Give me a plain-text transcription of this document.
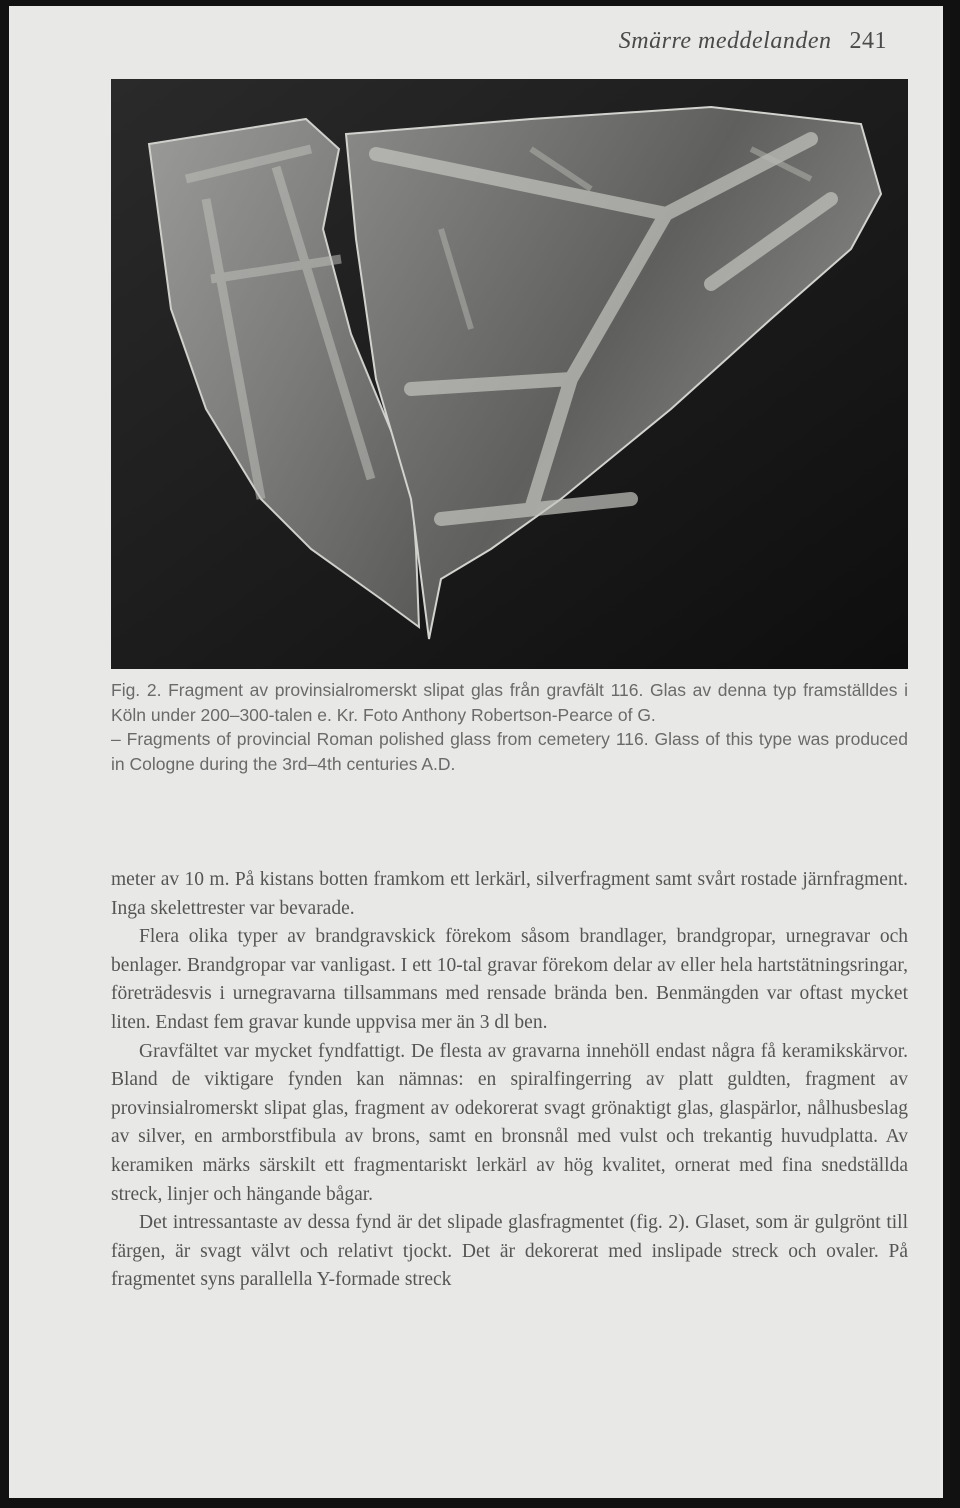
Smärre meddelanden 241

Fig. 2. Fragment av provinsialromerskt slipat glas från gravfält 116. Glas av denna typ framställdes i Köln under 200–300-talen e. Kr. Foto Anthony Robertson-Pearce of G.

– Fragments of provincial Roman polished glass from cemetery 116. Glass of this type was produced in Cologne during the 3rd–4th centuries A.D.

meter av 10 m. På kistans botten framkom ett lerkärl, silverfragment samt svårt rostade järnfragment. Inga skelettrester var bevarade.

Flera olika typer av brandgravskick förekom såsom brandlager, brandgropar, urnegravar och benlager. Brandgropar var vanligast. I ett 10-tal gravar förekom delar av eller hela hartstätningsringar, företrädesvis i urnegravarna tillsammans med rensade brända ben. Benmängden var oftast mycket liten. Endast fem gravar kunde uppvisa mer än 3 dl ben.

Gravfältet var mycket fyndfattigt. De flesta av gravarna innehöll endast några få keramikskärvor. Bland de viktigare fynden kan nämnas: en spiralfingerring av platt guldten, fragment av provinsialromerskt slipat glas, fragment av odekorerat svagt grönaktigt glas, glaspärlor, nålhusbeslag av silver, en armborstfibula av brons, samt en bronsnål med vulst och trekantig huvudplatta. Av keramiken märks särskilt ett fragmentariskt lerkärl av hög kvalitet, ornerat med fina snedställda streck, linjer och hängande bågar.

Det intressantaste av dessa fynd är det slipade glasfragmentet (fig. 2). Glaset, som är gulgrönt till färgen, är svagt välvt och relativt tjockt. Det är dekorerat med inslipade streck och ovaler. På fragmentet syns parallella Y-formade streck
